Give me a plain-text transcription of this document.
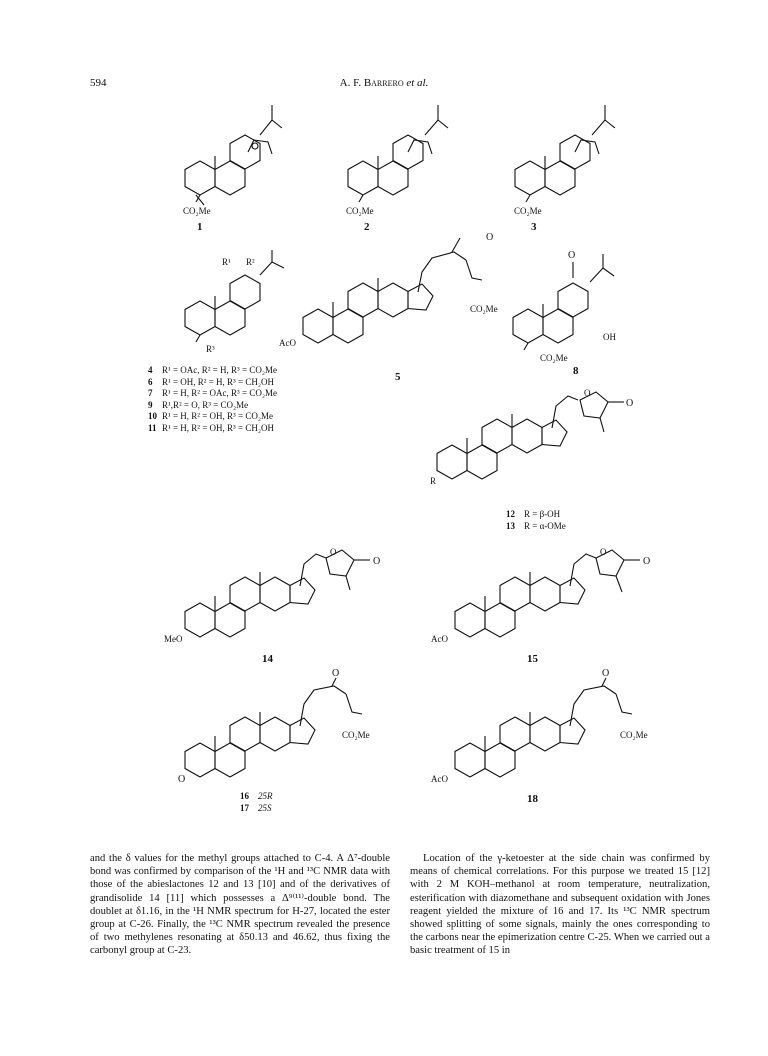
594	A. F. Barrero et al.
CO₂Me
1
CO₂Me
2
CO₂Me
3
R¹ R²
R³
O
CO₂Me
AcO
5
O
OH
CO₂Me
8
O
O
R
O
O
MeO
14
O
O
AcO
15
O
CO₂Me
O
O
CO₂Me
AcO
18
4 R¹ = OAc, R² = H, R³ = CO₂Me
6 R¹ = OH, R² = H, R³ = CH₂OH
7 R¹ = H, R² = OAc, R³ = CO₂Me
9 R¹,R² = O, R³ = CO₂Me
10 R¹ = H, R² = OH, R³ = CO₂Me
11 R¹ = H, R² = OH, R³ = CH₂OH
12 R = β-OH
13 R = α-OMe
16 25R
17 25S

and the δ values for the methyl groups attached to C-4. A Δ⁷-double bond was confirmed by comparison of the ¹H and ¹³C NMR data with those of the abieslactones 12 and 13 [10] and of the derivatives of grandisolide 14 [11] which possesses a Δ⁹⁽¹¹⁾-double bond. The doublet at δ1.16, in the ¹H NMR spectrum for H-27, located the ester group at C-26. Finally, the ¹³C NMR spectrum revealed the presence of two methylenes resonating at δ50.13 and 46.62, thus fixing the carbonyl group at C-23.

Location of the γ-ketoester at the side chain was confirmed by means of chemical correlations. For this purpose we treated 15 [12] with 2 M KOH–methanol at room temperature, neutralization, esterification with diazomethane and subsequent oxidation with Jones reagent yielded the mixture of 16 and 17. Its ¹³C NMR spectrum showed splitting of some signals, mainly the ones corresponding to the carbons near the epimerization centre C-25. When we carried out a basic treatment of 15 in
